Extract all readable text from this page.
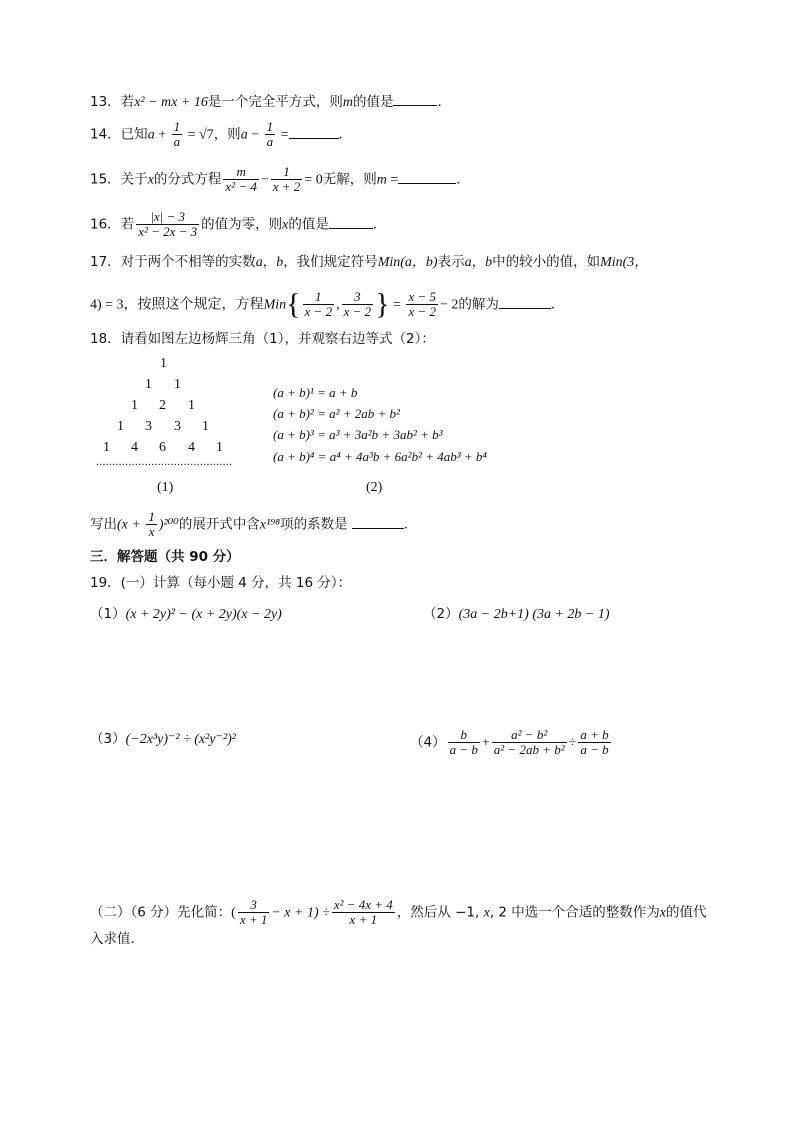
13．若x² − mx + 16是一个完全平方式，则m的值是	．
14．已知$a + \frac{1}{a} = √7$，则$a - \frac{1}{a}$ =	．
15．关于x的分式方程 $\frac{m}{\text{x² − 4}} - \frac{1}{x + 2} = 0$无解，则m =	．
16．若 $\frac{|x| - 3}{\text{x² − 2x − 3}}$ 的值为零，则x的值是	．
17．对于两个不相等的实数a，b，我们规定符号Min(a，b)表示a，b中的较小的值，如Min(3，
4) = 3，按照这个规定，方程$Min\{ \frac{1}{x - 2}$ , $\frac{3}{x - 2}$ } = $\frac{x - 5}{x - 2} - 2$的解为	．
18．请看如图左边杨辉三角（1），并观察右边等式（2）：
1
1 1
1 2 1
1 3 3 1
1 4 6 4 1
..........................................
(1)	(2)
(a + b)¹ = a + b
(a + b)² = a² + 2ab + b²
(a + b)³ = a³ + 3a²b + 3ab² + b³
(a + b)⁴ = a⁴ + 4a³b + 6a²b² + 4ab³ + b⁴
写出$(x + \frac{1}{x} )^{200}$的展开式中含x¹⁹⁸项的系数是	．
三．解答题（共 90 分）
19．(一）计算（每小题 4 分，共 16 分）：
（1）(x + 2y)² − (x + 2y)(x − 2y)	（2）(3a − 2b+1) (3a + 2b − 1)
（3）(−2x³y)⁻² ÷ (x²y⁻²)²	$(4) \frac{b}{a - b} + \frac{\text{a² − b²}}{\text{a² − 2ab + b²}} \div \frac{a + b}{a - b}$
（二）（6 分）先化简：( $\frac{3}{x + 1} - x + 1) \div \frac{\text{x² − 4x + 4}}{x + 1}$ ，然后从 −1, x, 2 中选一个合适的整数作为x的值代
入求值．
